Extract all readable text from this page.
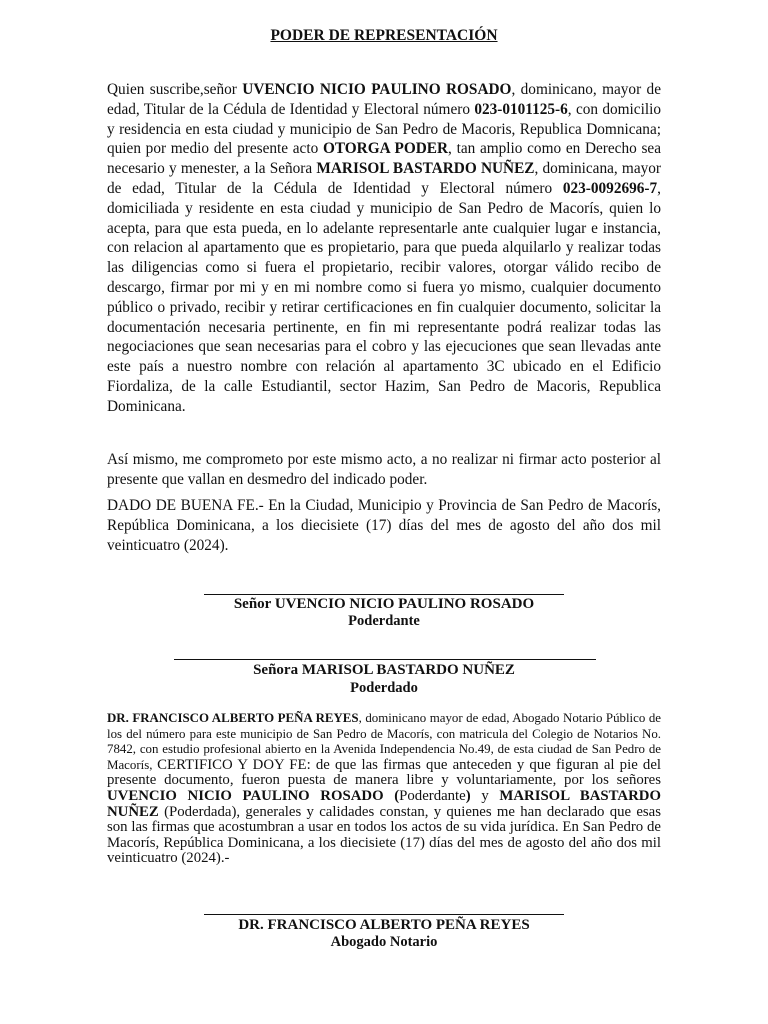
PODER DE REPRESENTACIÓN

Quien suscribe,señor UVENCIO NICIO PAULINO ROSADO, dominicano, mayor de edad, Titular de la Cédula de Identidad y Electoral número 023-0101125-6, con domicilio y residencia en esta ciudad y municipio de San Pedro de Macoris, Republica Domnicana; quien por medio del presente acto OTORGA PODER, tan amplio como en Derecho sea necesario y menester, a la Señora MARISOL BASTARDO NUÑEZ, dominicana, mayor de edad, Titular de la Cédula de Identidad y Electoral número 023-0092696-7, domiciliada y residente en esta ciudad y municipio de San Pedro de Macorís, quien lo acepta, para que esta pueda, en lo adelante representarle ante cualquier lugar e instancia, con relacion al apartamento que es propietario, para que pueda alquilarlo y realizar todas las diligencias como si fuera el propietario, recibir valores, otorgar válido recibo de descargo, firmar por mi y en mi nombre como si fuera yo mismo, cualquier documento público o privado, recibir y retirar certificaciones en fin cualquier documento, solicitar la documentación necesaria pertinente, en fin mi representante podrá realizar todas las negociaciones que sean necesarias para el cobro y las ejecuciones que sean llevadas ante este país a nuestro nombre con relación al apartamento 3C ubicado en el Edificio Fiordaliza, de la calle Estudiantil, sector Hazim, San Pedro de Macoris, Republica Dominicana.

Así mismo, me comprometo por este mismo acto, a no realizar ni firmar acto posterior al presente que vallan en desmedro del indicado poder.

DADO DE BUENA FE.- En la Ciudad, Municipio y Provincia de San Pedro de Macorís, República Dominicana, a los diecisiete (17) días del mes de agosto del año dos mil veinticuatro (2024).

Señor UVENCIO NICIO PAULINO ROSADO
Poderdante
Señora MARISOL BASTARDO NUÑEZ
Poderdado

DR. FRANCISCO ALBERTO PEÑA REYES, dominicano mayor de edad, Abogado Notario Público de los del número para este municipio de San Pedro de Macorís, con matricula del Colegio de Notarios No. 7842, con estudio profesional abierto en la Avenida Independencia No.49, de esta ciudad de San Pedro de Macorís, CERTIFICO Y DOY FE: de que las firmas que anteceden y que figuran al pie del presente documento, fueron puesta de manera libre y voluntariamente, por los señores UVENCIO NICIO PAULINO ROSADO (Poderdante) y MARISOL BASTARDO NUÑEZ (Poderdada), generales y calidades constan, y quienes me han declarado que esas son las firmas que acostumbran a usar en todos los actos de su vida jurídica. En San Pedro de Macorís, República Dominicana, a los diecisiete (17) días del mes de agosto del año dos mil veinticuatro (2024).-

DR. FRANCISCO ALBERTO PEÑA REYES
Abogado Notario
